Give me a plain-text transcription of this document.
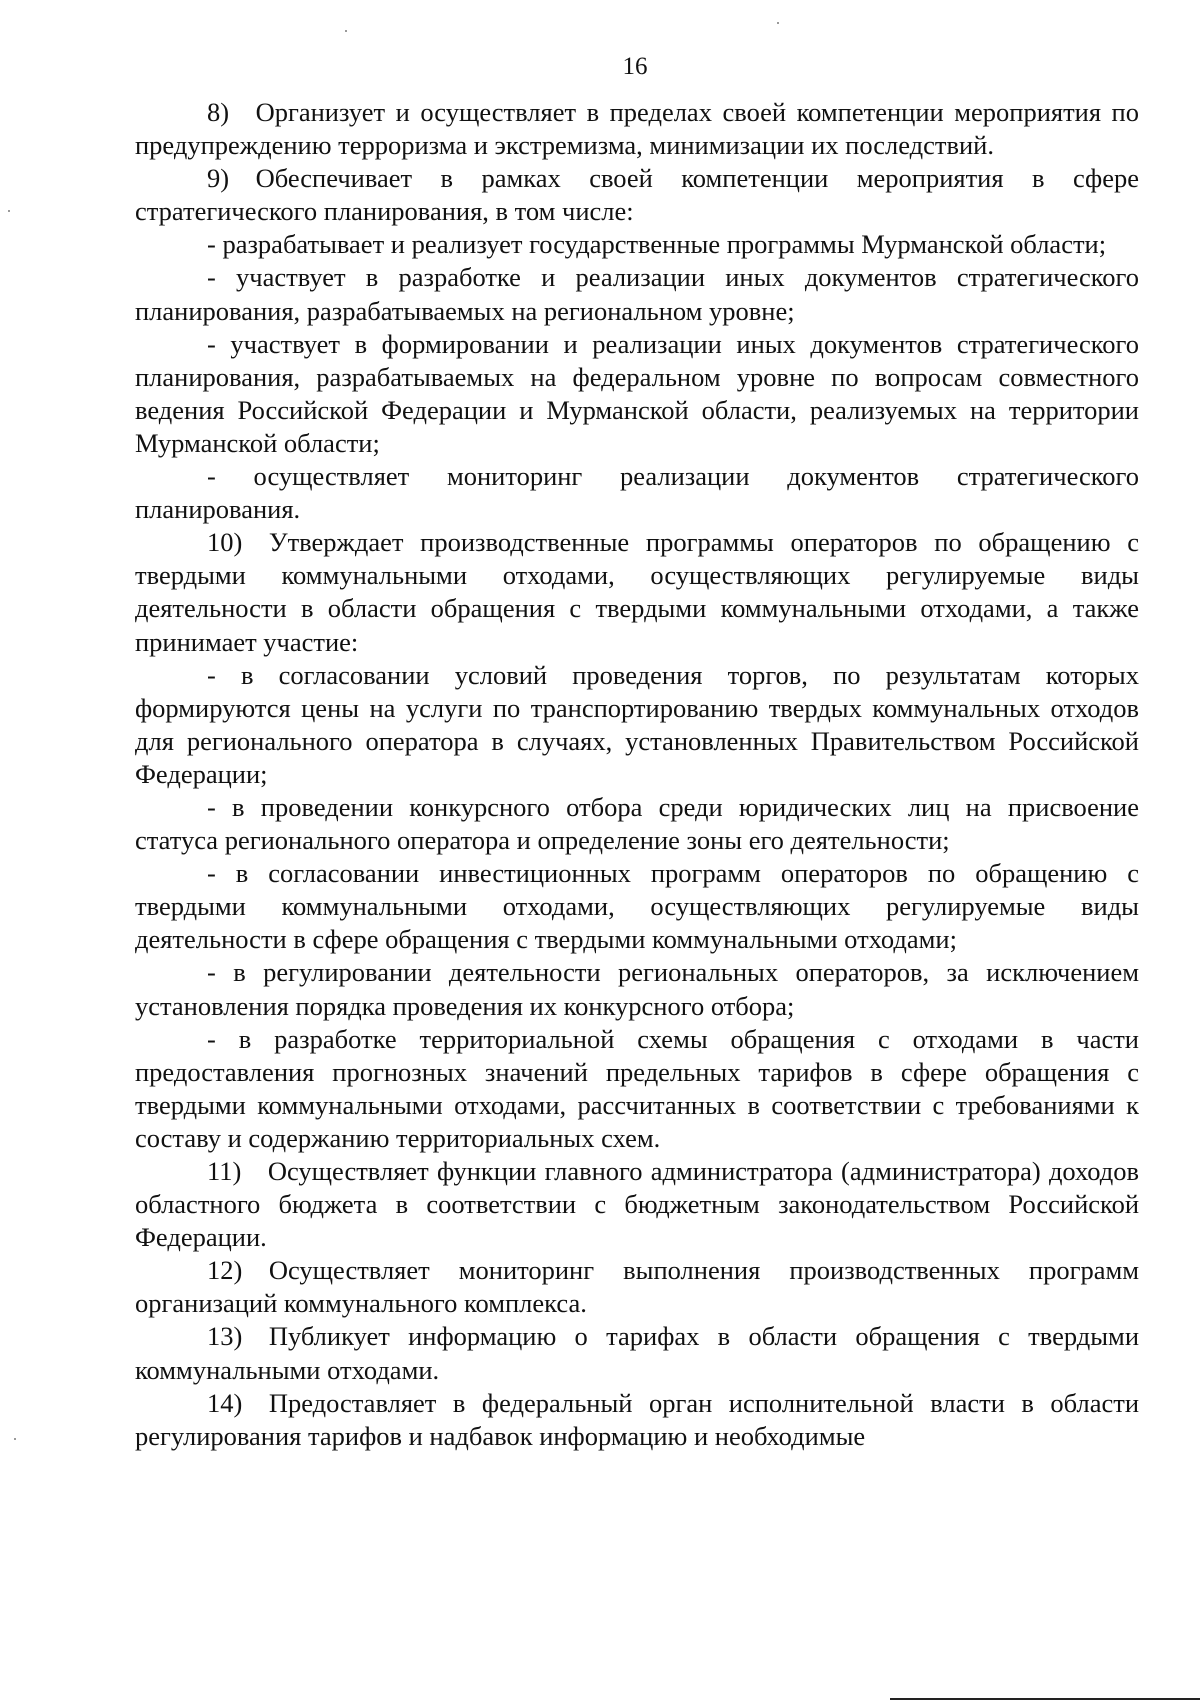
16

8) Организует и осуществляет в пределах своей компетенции мероприятия по предупреждению терроризма и экстремизма, минимизации их последствий.

9) Обеспечивает в рамках своей компетенции мероприятия в сфере стратегического планирования, в том числе:

- разрабатывает и реализует государственные программы Мурманской области;

- участвует в разработке и реализации иных документов стратегического планирования, разрабатываемых на региональном уровне;

- участвует в формировании и реализации иных документов стратегического планирования, разрабатываемых на федеральном уровне по вопросам совместного ведения Российской Федерации и Мурманской области, реализуемых на территории Мурманской области;

- осуществляет мониторинг реализации документов стратегического планирования.

10) Утверждает производственные программы операторов по обращению с твердыми коммунальными отходами, осуществляющих регулируемые виды деятельности в области обращения с твердыми коммунальными отходами, а также принимает участие:

- в согласовании условий проведения торгов, по результатам которых формируются цены на услуги по транспортированию твердых коммунальных отходов для регионального оператора в случаях, установленных Правительством Российской Федерации;

- в проведении конкурсного отбора среди юридических лиц на присвоение статуса регионального оператора и определение зоны его деятельности;

- в согласовании инвестиционных программ операторов по обращению с твердыми коммунальными отходами, осуществляющих регулируемые виды деятельности в сфере обращения с твердыми коммунальными отходами;

- в регулировании деятельности региональных операторов, за исключением установления порядка проведения их конкурсного отбора;

- в разработке территориальной схемы обращения с отходами в части предоставления прогнозных значений предельных тарифов в сфере обращения с твердыми коммунальными отходами, рассчитанных в соответствии с требованиями к составу и содержанию территориальных схем.

11) Осуществляет функции главного администратора (администратора) доходов областного бюджета в соответствии с бюджетным законодательством Российской Федерации.

12) Осуществляет мониторинг выполнения производственных программ организаций коммунального комплекса.

13) Публикует информацию о тарифах в области обращения с твердыми коммунальными отходами.

14) Предоставляет в федеральный орган исполнительной власти в области регулирования тарифов и надбавок информацию и необходимые
